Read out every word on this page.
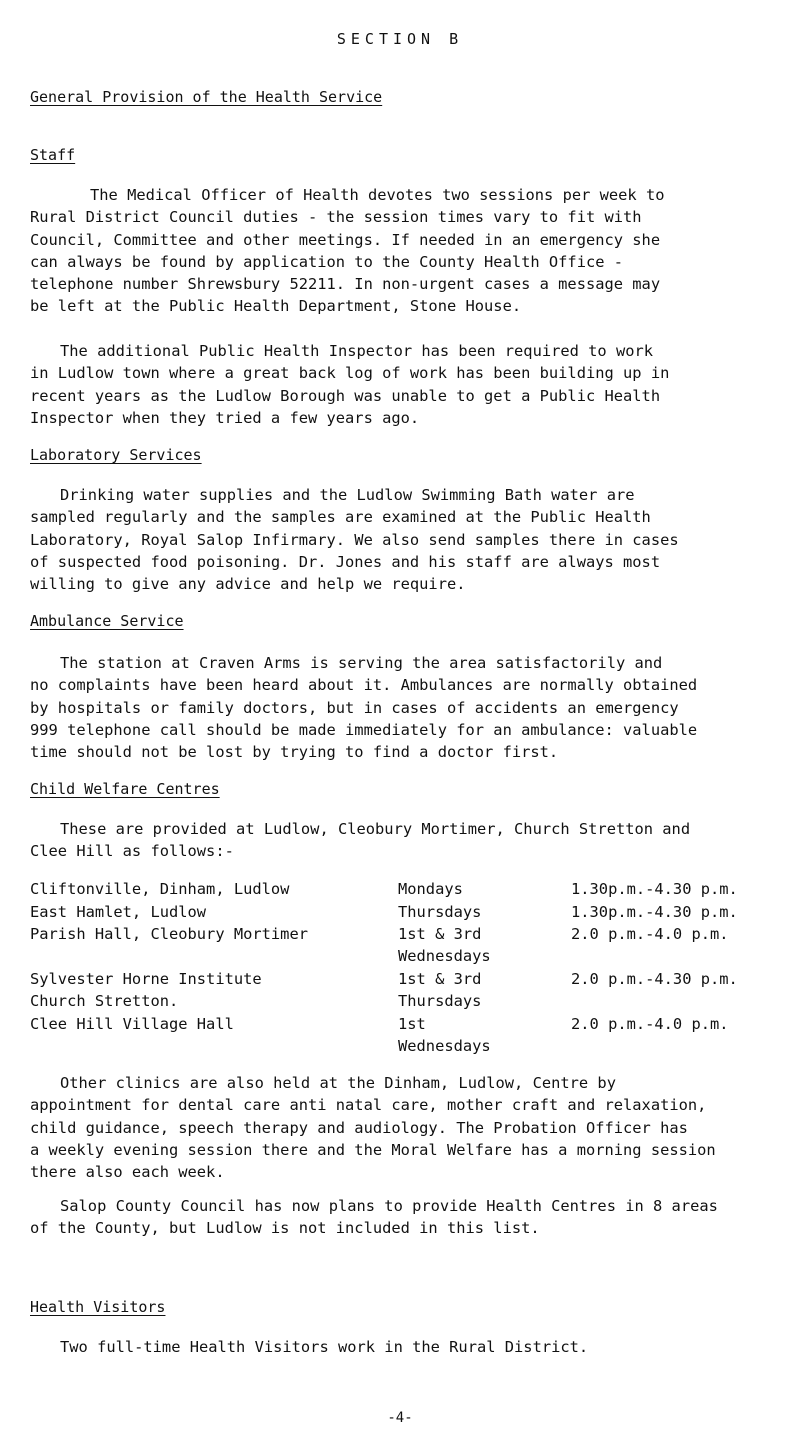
SECTION B
General Provision of the Health Service
Staff
The Medical Officer of Health devotes two sessions per week to
Rural District Council duties - the session times vary to fit with
Council, Committee and other meetings. If needed in an emergency she
can always be found by application to the County Health Office -
telephone number Shrewsbury 52211. In non-urgent cases a message may
be left at the Public Health Department, Stone House.
The additional Public Health Inspector has been required to work
in Ludlow town where a great back log of work has been building up in
recent years as the Ludlow Borough was unable to get a Public Health
Inspector when they tried a few years ago.
Laboratory Services
Drinking water supplies and the Ludlow Swimming Bath water are
sampled regularly and the samples are examined at the Public Health
Laboratory, Royal Salop Infirmary. We also send samples there in cases
of suspected food poisoning. Dr. Jones and his staff are always most
willing to give any advice and help we require.
Ambulance Service
The station at Craven Arms is serving the area satisfactorily and
no complaints have been heard about it. Ambulances are normally obtained
by hospitals or family doctors, but in cases of accidents an emergency
999 telephone call should be made immediately for an ambulance: valuable
time should not be lost by trying to find a doctor first.
Child Welfare Centres
These are provided at Ludlow, Cleobury Mortimer, Church Stretton and
Clee Hill as follows:-
Cliftonville, Dinham, Ludlow	Mondays	1.30p.m.-4.30 p.m.
East Hamlet, Ludlow	Thursdays	1.30p.m.-4.30 p.m.
Parish Hall, Cleobury Mortimer	1st & 3rd	2.0 p.m.-4.0 p.m.
Wednesdays
Sylvester Horne Institute	1st & 3rd	2.0 p.m.-4.30 p.m.
Church Stretton.	Thursdays
Clee Hill Village Hall	1st	2.0 p.m.-4.0 p.m.
Wednesdays
Other clinics are also held at the Dinham, Ludlow, Centre by
appointment for dental care anti natal care, mother craft and relaxation,
child guidance, speech therapy and audiology. The Probation Officer has
a weekly evening session there and the Moral Welfare has a morning session
there also each week.
Salop County Council has now plans to provide Health Centres in 8 areas
of the County, but Ludlow is not included in this list.
Health Visitors
Two full-time Health Visitors work in the Rural District.
-4-
